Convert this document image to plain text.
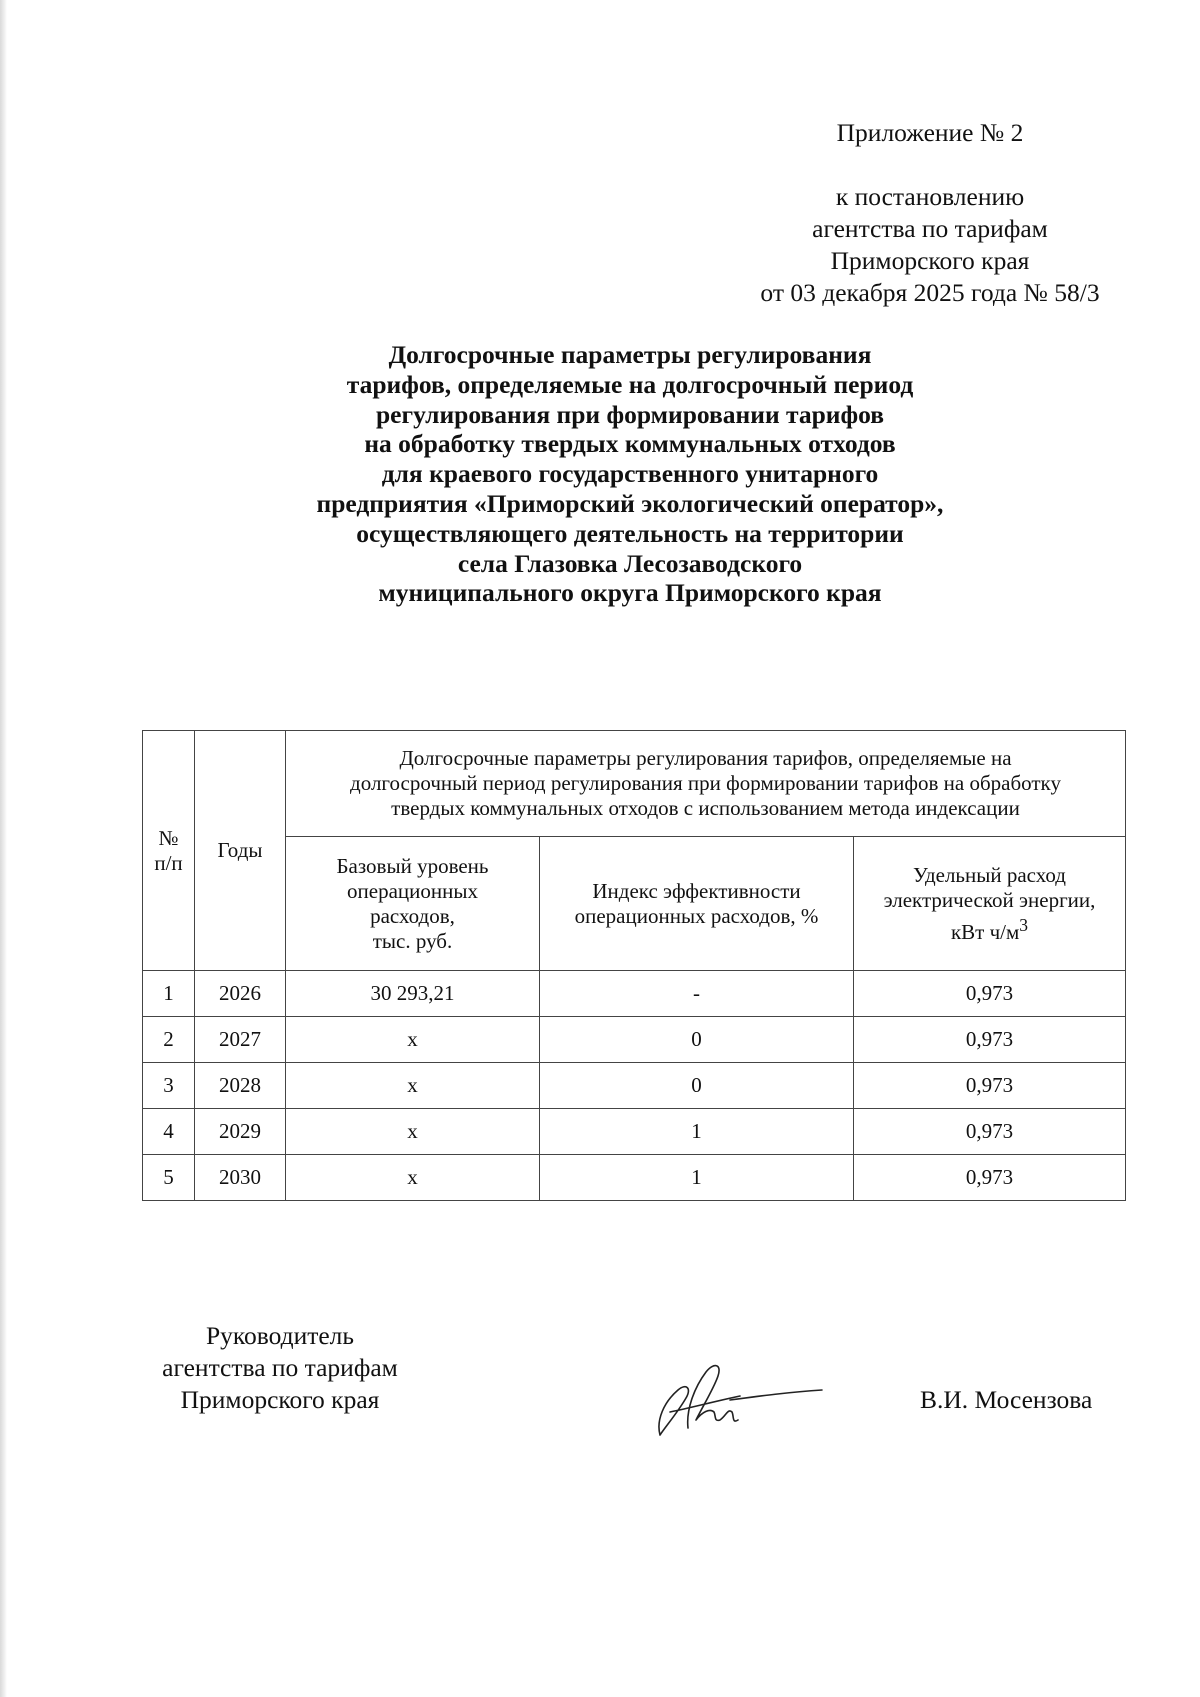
Приложение № 2
к постановлению
агентства по тарифам
Приморского края
от 03 декабря 2025 года № 58/3
Долгосрочные параметры регулирования
тарифов, определяемые на долгосрочный период
регулирования при формировании тарифов
на обработку твердых коммунальных отходов
для краевого государственного унитарного
предприятия «Приморский экологический оператор»,
осуществляющего деятельность на территории
села Глазовка Лесозаводского
муниципального округа Приморского края
№
п/п	Годы	Долгосрочные параметры регулирования тарифов, определяемые на
долгосрочный период регулирования при формировании тарифов на обработку
твердых коммунальных отходов с использованием метода индексации		
		Базовый уровень
операционных
расходов,
тыс. руб.	Индекс эффективности
операционных расходов, %	Удельный расход
электрической энергии,
кВт $ч/м^3$
1	2026	30 293,21	-	0,973
2	2027	х	0	0,973
3	2028	х	0	0,973
4	2029	х	1	0,973
5	2030	х	1	0,973
Руководитель
агентства по тарифам
Приморского края	В.И. Мосензова
